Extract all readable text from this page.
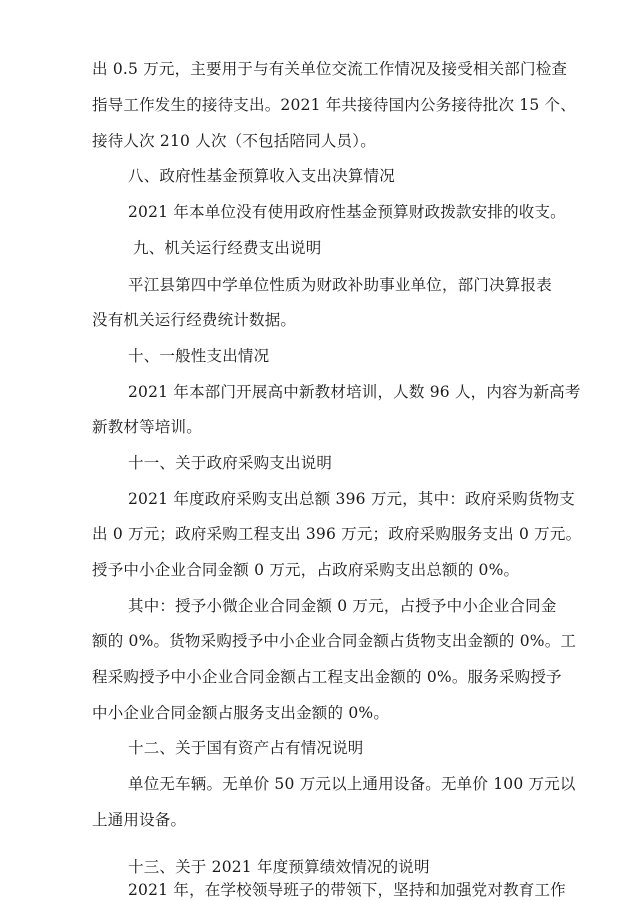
出 0.5 万元，主要用于与有关单位交流工作情况及接受相关部门检查
指导工作发生的接待支出。2021 年共接待国内公务接待批次 15 个、
接待人次 210 人次（不包括陪同人员）。
八、政府性基金预算收入支出决算情况
2021 年本单位没有使用政府性基金预算财政拨款安排的收支。
九、机关运行经费支出说明
平江县第四中学单位性质为财政补助事业单位，部门决算报表
没有机关运行经费统计数据。
十、一般性支出情况
2021 年本部门开展高中新教材培训，人数 96 人，内容为新高考
新教材等培训。
十一、关于政府采购支出说明
2021 年度政府采购支出总额 396 万元，其中：政府采购货物支
出 0 万元；政府采购工程支出 396 万元；政府采购服务支出 0 万元。
授予中小企业合同金额 0 万元，占政府采购支出总额的 0%。
其中：授予小微企业合同金额 0 万元，占授予中小企业合同金
额的 0%。货物采购授予中小企业合同金额占货物支出金额的 0%。工
程采购授予中小企业合同金额占工程支出金额的 0%。服务采购授予
中小企业合同金额占服务支出金额的 0%。
十二、关于国有资产占有情况说明
单位无车辆。无单价 50 万元以上通用设备。无单价 100 万元以
上通用设备。
十三、关于 2021 年度预算绩效情况的说明
2021 年，在学校领导班子的带领下，坚持和加强党对教育工作
